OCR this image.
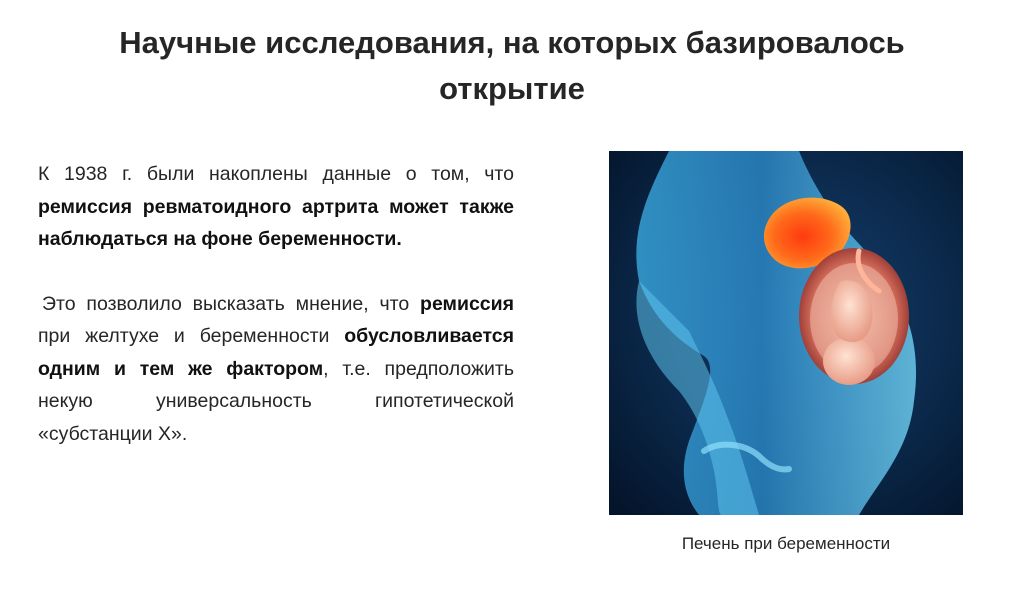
Научные исследования, на которых базировалось открытие

К 1938 г. были накоплены данные о том, что ремиссия ревматоидного артрита может также наблюдаться на фоне беременности.

Это позволило высказать мнение, что ремиссия при желтухе и беременности обусловливается одним и тем же фактором, т.е. предположить некую универсальность гипотетической «субстанции Х».

Печень при беременности
